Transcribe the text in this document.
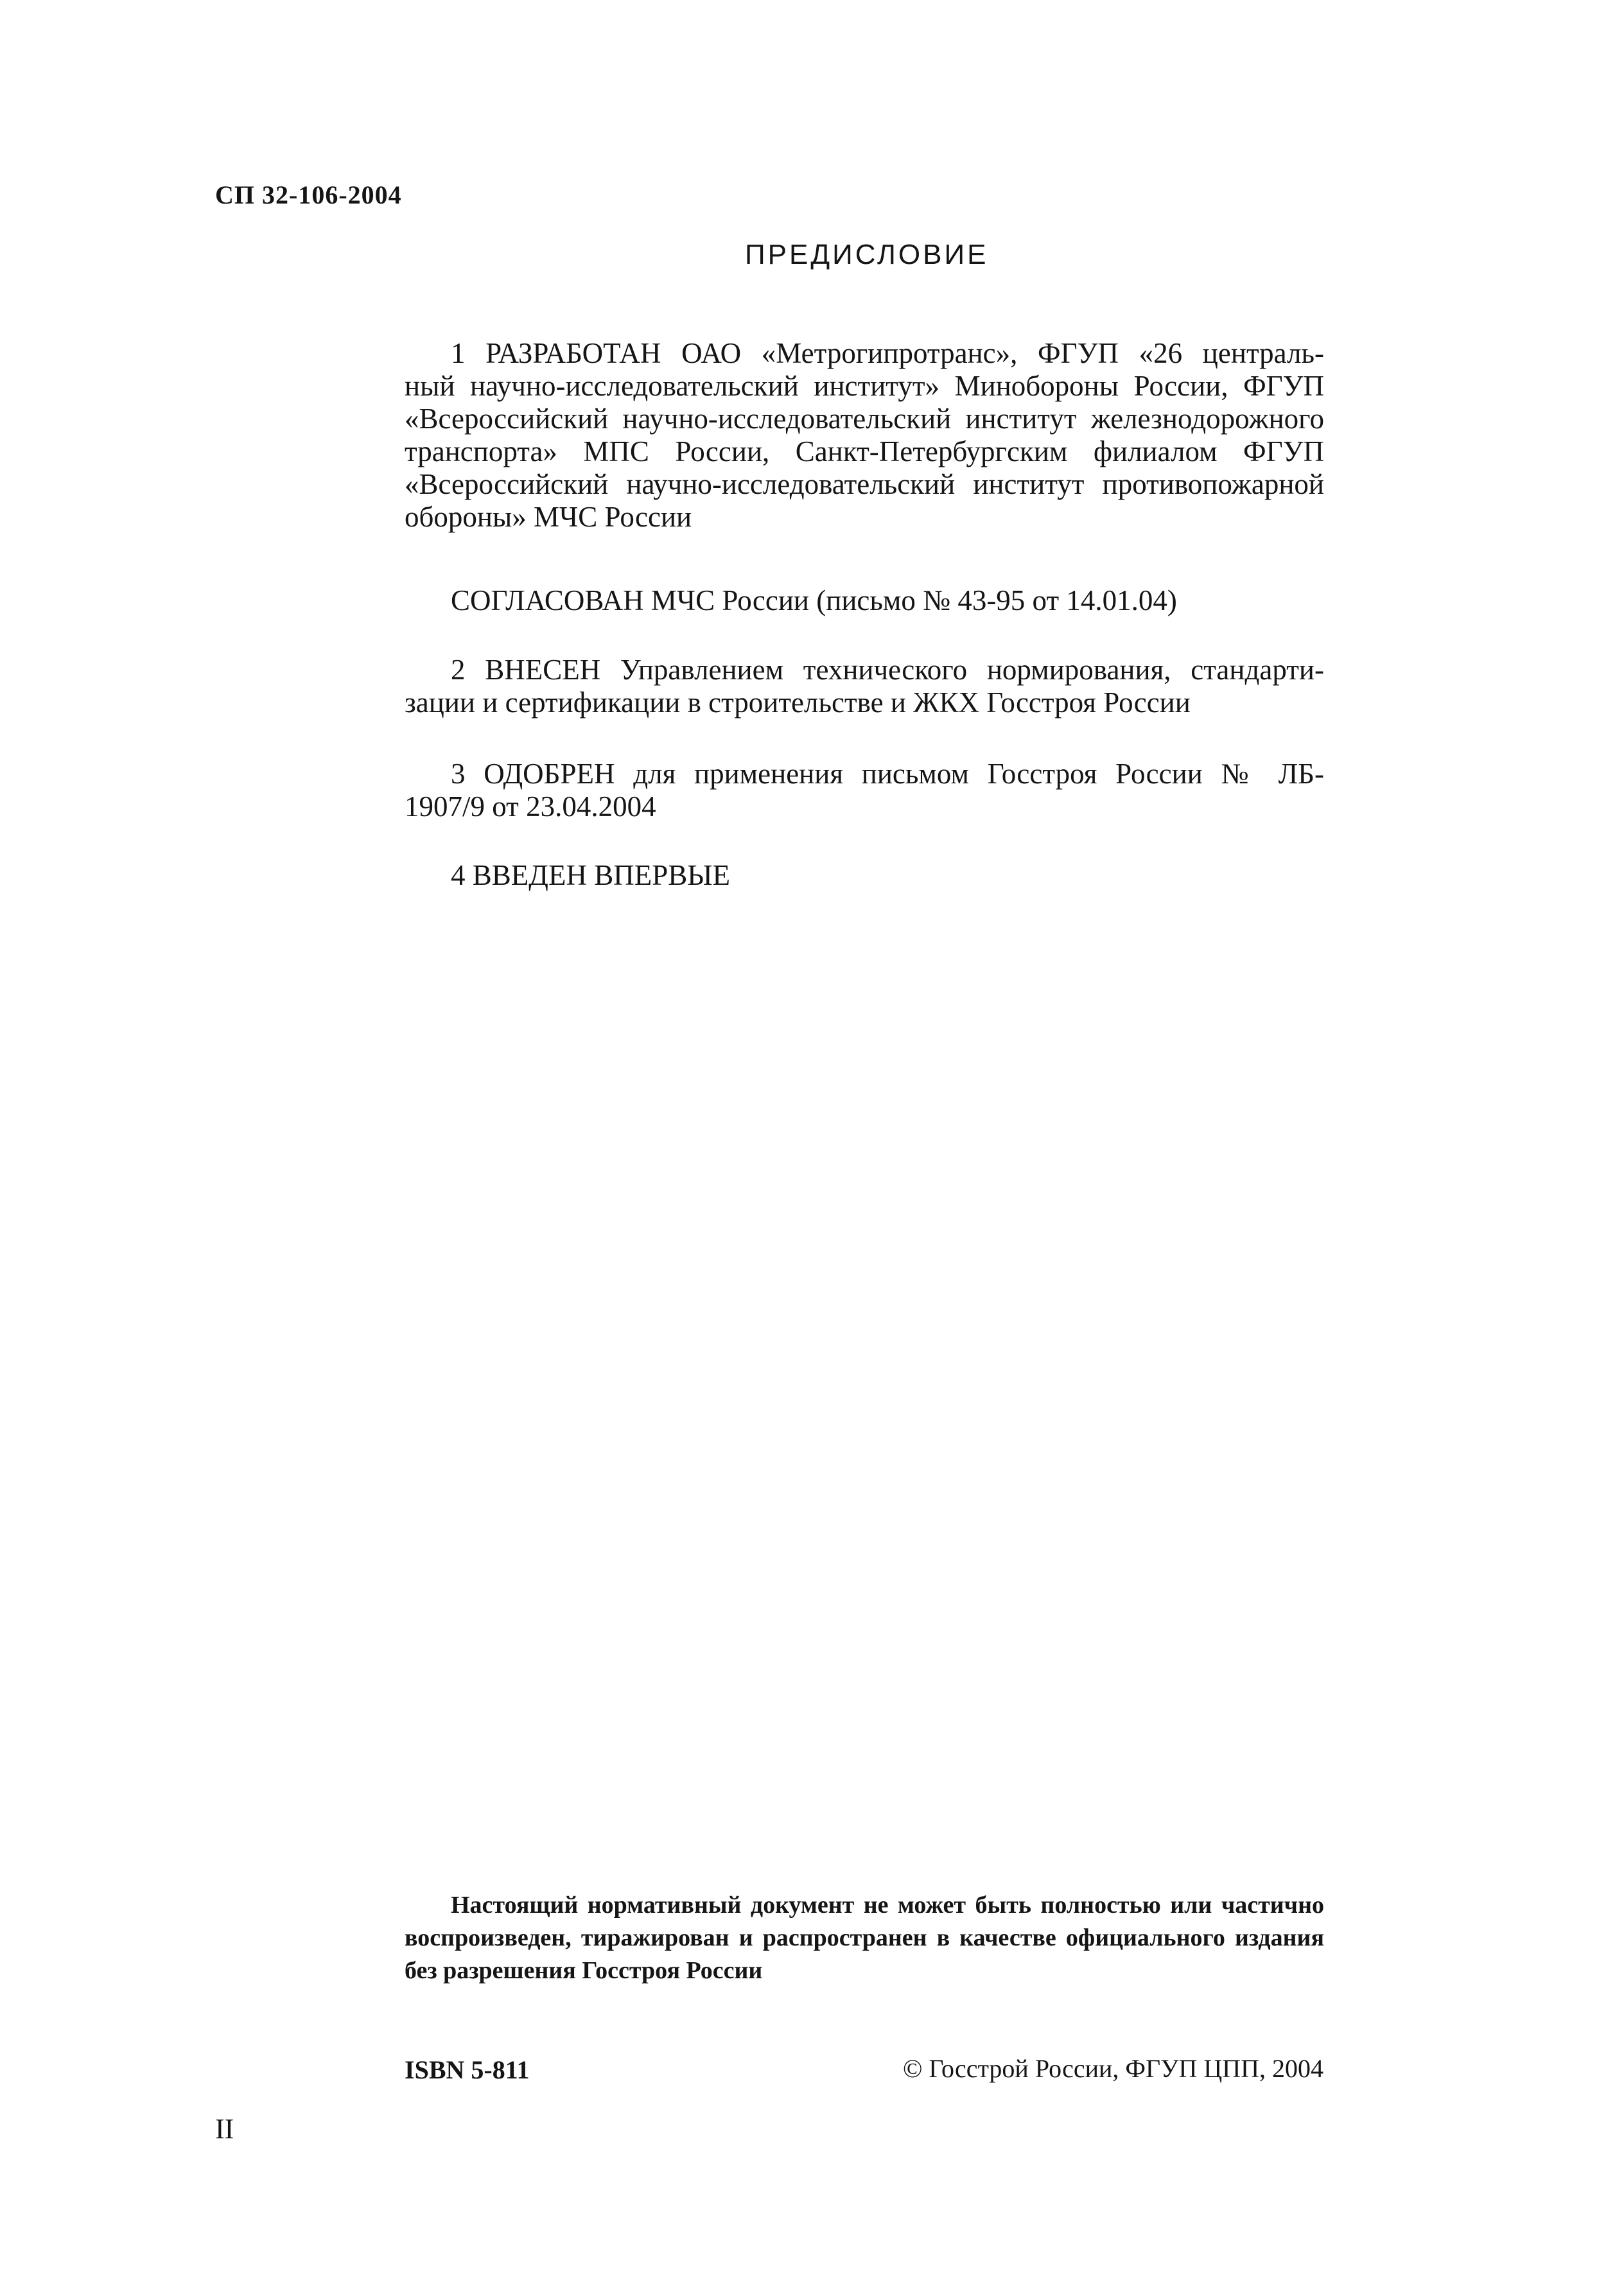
СП 32-106-2004
ПРЕДИСЛОВИЕ
1 РАЗРАБОТАН ОАО «Метрогипротранс», ФГУП «26 централь-
ный научно-исследовательский институт» Минобороны России, ФГУП
«Всероссийский научно-исследовательский институт железнодорожного
транспорта» МПС России, Санкт-Петербургским филиалом ФГУП
«Всероссийский научно-исследовательский институт противопожарной
обороны» МЧС России
СОГЛАСОВАН МЧС России (письмо № 43-95 от 14.01.04)
2 ВНЕСЕН Управлением технического нормирования, стандарти-
зации и сертификации в строительстве и ЖКХ Госстроя России
3 ОДОБРЕН для применения письмом Госстроя России № ЛБ-
1907/9 от 23.04.2004
4 ВВЕДЕН ВПЕРВЫЕ
Настоящий нормативный документ не может быть полностью или частично
воспроизведен, тиражирован и распространен в качестве официального издания
без разрешения Госстроя России
ISBN 5-811	© Госстрой России, ФГУП ЦПП, 2004
II
